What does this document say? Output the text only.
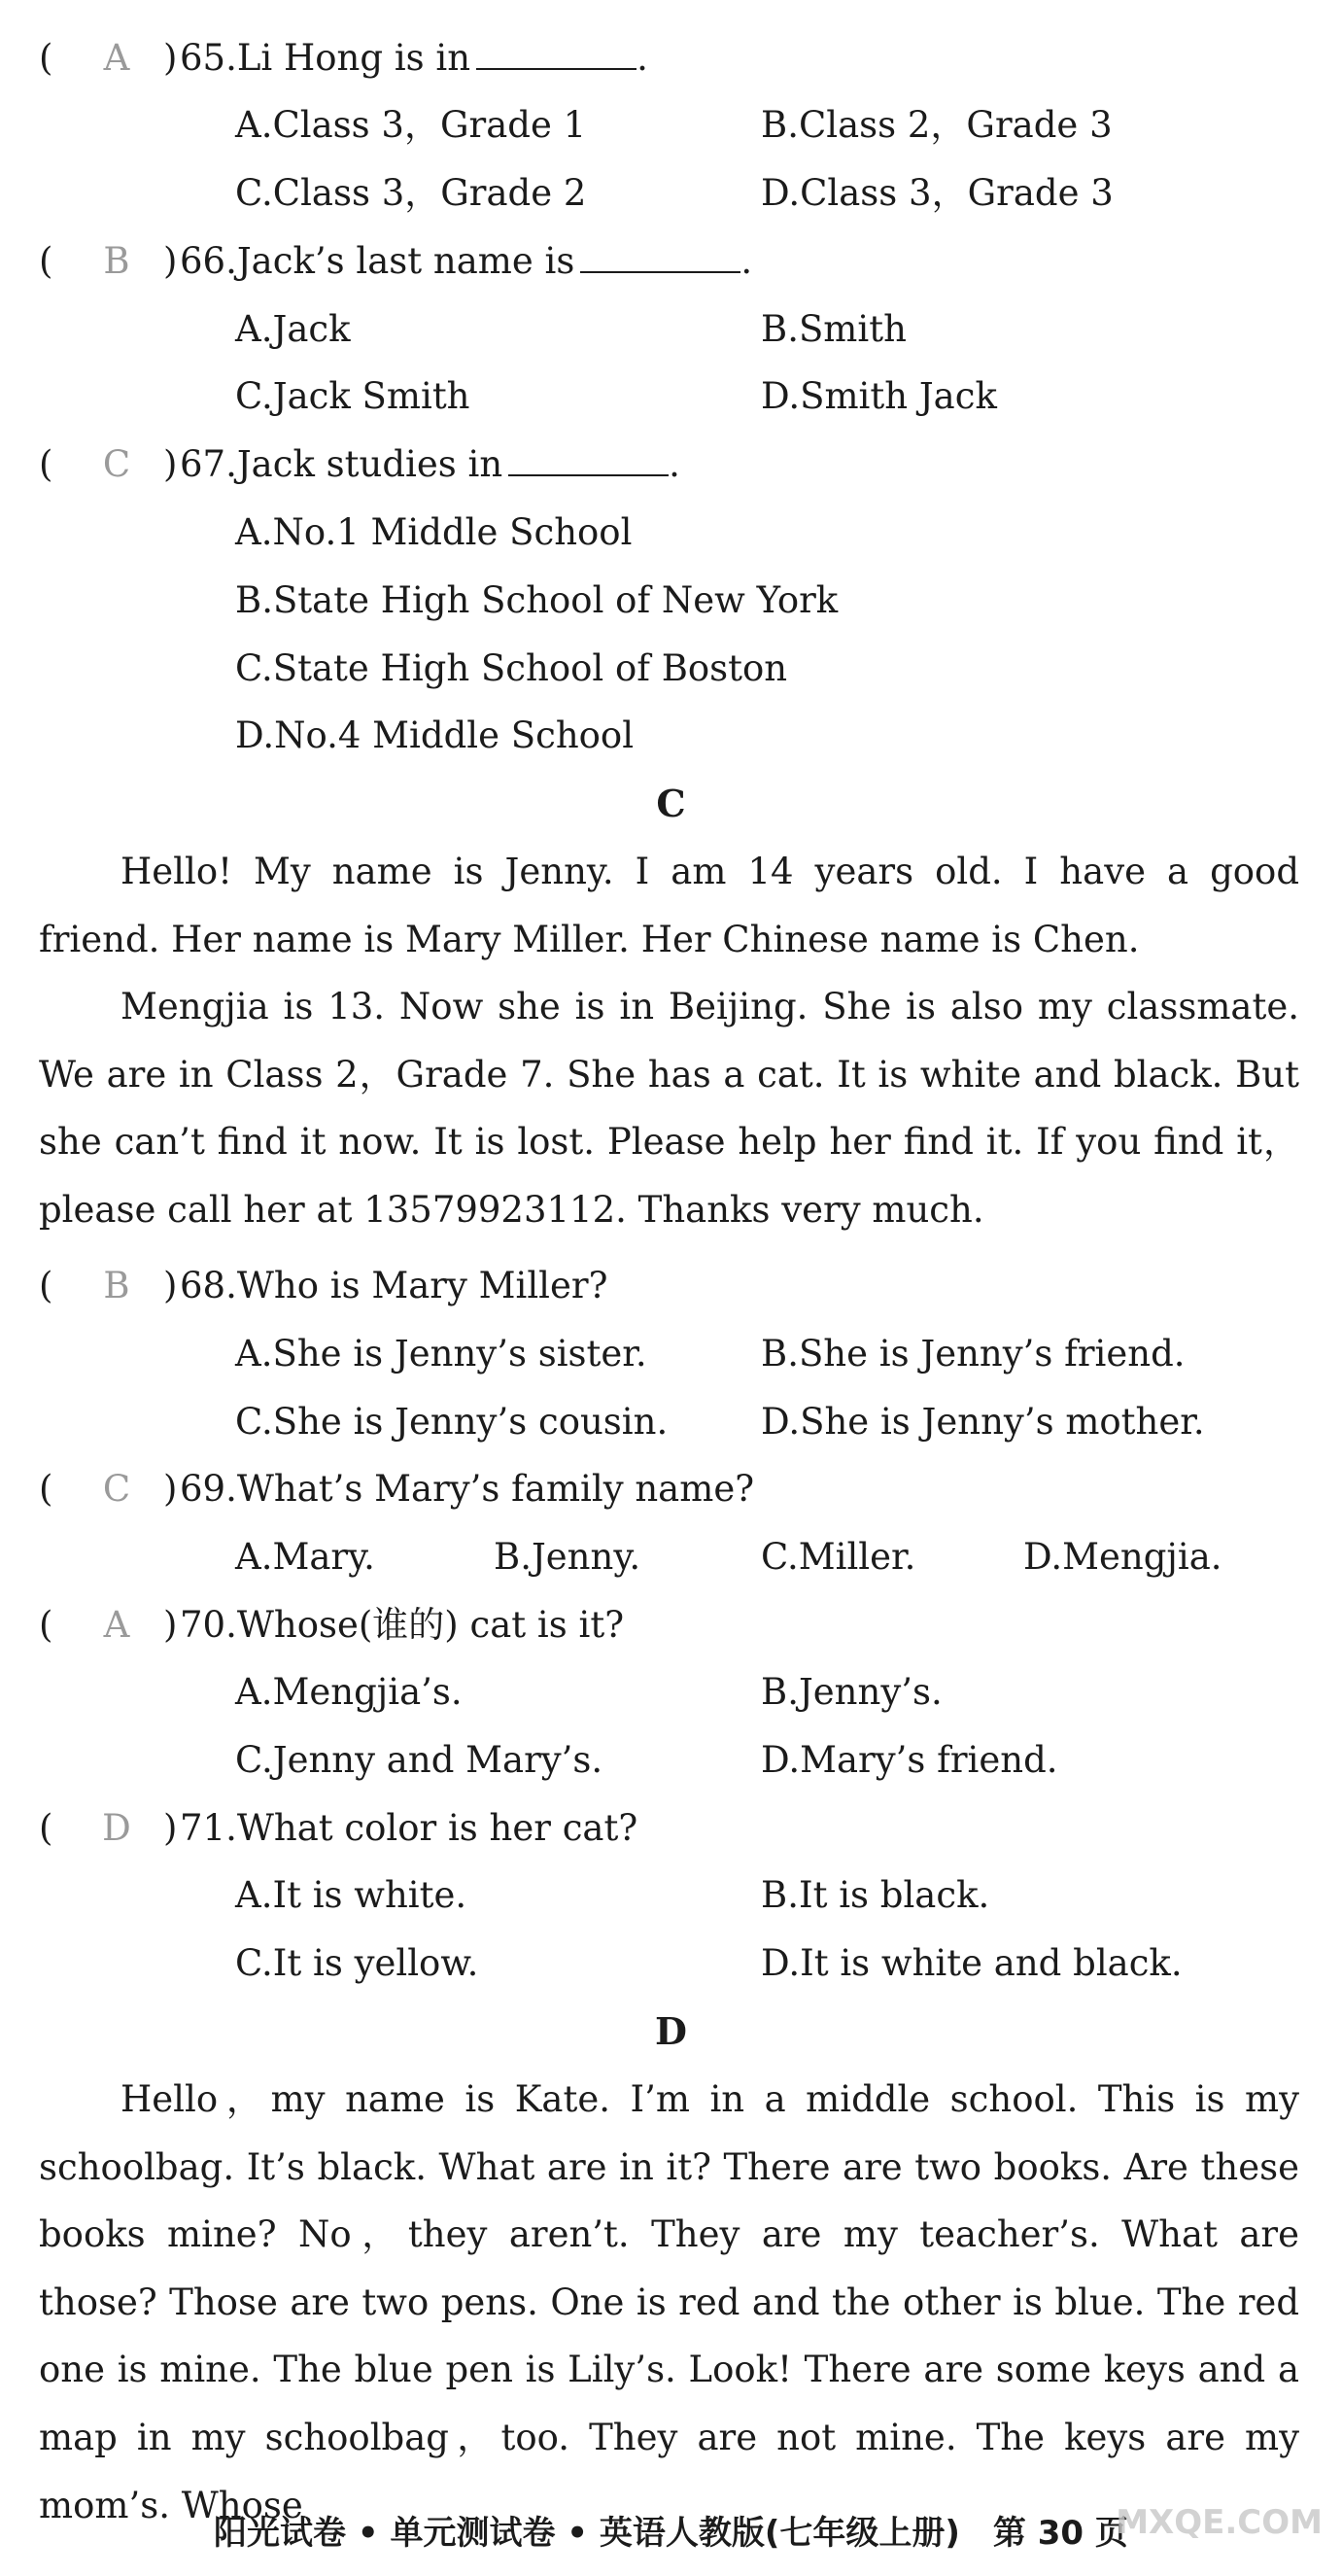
(	A ) 65.Li Hong is in	.
A.Class 3，Grade 1	B.Class 2，Grade 3
C.Class 3，Grade 2	D.Class 3，Grade 3
(	B ) 66.Jack’s last name is	.
A.Jack	B.Smith
C.Jack Smith	D.Smith Jack
(	C ) 67.Jack studies in	.
A.No.1 Middle School
B.State High School of New York
C.State High School of Boston
D.No.4 Middle School
C

Hello! My name is Jenny. I am 14 years old. I have a good friend. Her name is Mary Miller. Her Chinese name is Chen.

Mengjia is 13. Now she is in Beijing. She is also my classmate. We are in Class 2，Grade 7. She has a cat. It is white and black. But she can’t find it now. It is lost. Please help her find it. If you find it，please call her at 13579923112. Thanks very much.

(	B ) 68.Who is Mary Miller?
A.She is Jenny’s sister.	B.She is Jenny’s friend.
C.She is Jenny’s cousin.	D.She is Jenny’s mother.
(	C ) 69.What’s Mary’s family name?
A.Mary.	B.Jenny.	C.Miller.	D.Mengjia.
(	A ) 70.Whose(谁的) cat is it?
A.Mengjia’s.	B.Jenny’s.
C.Jenny and Mary’s.	D.Mary’s friend.
(	D ) 71.What color is her cat?
A.It is white.	B.It is black.
C.It is yellow.	D.It is white and black.
D

Hello，my name is Kate. I’m in a middle school. This is my schoolbag. It’s black. What are in it? There are two books. Are these books mine? No，they aren’t. They are my teacher’s. What are those? Those are two pens. One is red and the other is blue. The red one is mine. The blue pen is Lily’s. Look! There are some keys and a map in my schoolbag，too. They are not mine. The keys are my mom’s. Whose

阳光试卷 • 单元测试卷 • 英语人教版(七年级上册)　第 30 页
MXQE.COM
